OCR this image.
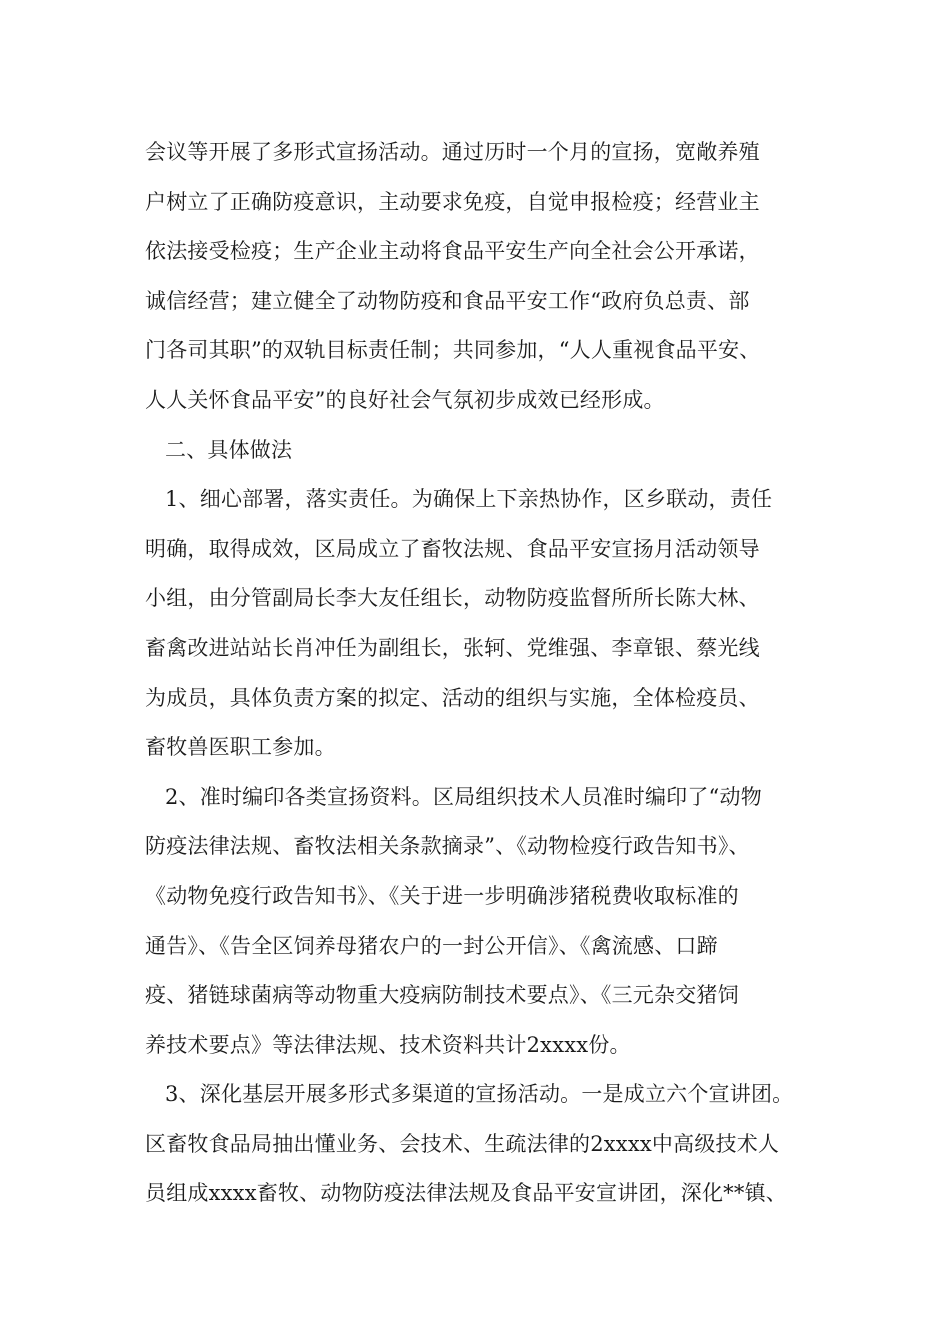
会议等开展了多形式宣扬活动。通过历时一个月的宣扬，宽敞养殖
户树立了正确防疫意识，主动要求免疫，自觉申报检疫；经营业主
依法接受检疫；生产企业主动将食品平安生产向全社会公开承诺，
诚信经营；建立健全了动物防疫和食品平安工作“政府负总责、部
门各司其职”的双轨目标责任制；共同参加，“人人重视食品平安、
人人关怀食品平安”的良好社会气氛初步成效已经形成。
二、具体做法
1、细心部署，落实责任。为确保上下亲热协作，区乡联动，责任
明确，取得成效，区局成立了畜牧法规、食品平安宣扬月活动领导
小组，由分管副局长李大友任组长，动物防疫监督所所长陈大林、
畜禽改进站站长肖冲任为副组长，张轲、党维强、李章银、蔡光线
为成员，具体负责方案的拟定、活动的组织与实施，全体检疫员、
畜牧兽医职工参加。
2、准时编印各类宣扬资料。区局组织技术人员准时编印了“动物
防疫法律法规、畜牧法相关条款摘录”、《动物检疫行政告知书》、
《动物免疫行政告知书》、《关于进一步明确涉猪税费收取标准的
通告》、《告全区饲养母猪农户的一封公开信》、《禽流感、口蹄
疫、猪链球菌病等动物重大疫病防制技术要点》、《三元杂交猪饲
养技术要点》等法律法规、技术资料共计2xxxx份。
3、深化基层开展多形式多渠道的宣扬活动。一是成立六个宣讲团。
区畜牧食品局抽出懂业务、会技术、生疏法律的2xxxx中高级技术人
员组成xxxx畜牧、动物防疫法律法规及食品平安宣讲团，深化**镇、
